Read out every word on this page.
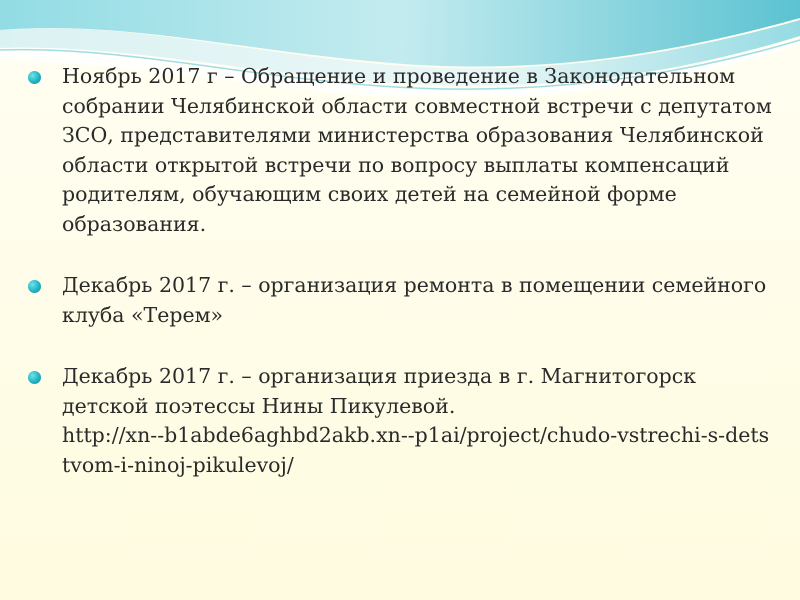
Ноябрь 2017 г – Обращение и проведение в Законодательном собрании Челябинской области совместной встречи с депутатом ЗСО, представителями министерства образования Челябинской области открытой встречи по вопросу выплаты компенсаций родителям, обучающим своих детей на семейной форме образования.
Декабрь 2017 г. – организация ремонта в помещении семейного клуба «Терем»
Декабрь 2017 г. – организация приезда в г. Магнитогорск детской поэтессы Нины Пикулевой.
http://xn--b1abde6aghbd2akb.xn--p1ai/project/chudo-vstrechi-s-detstvom-i-ninoj-pikulevoj/
